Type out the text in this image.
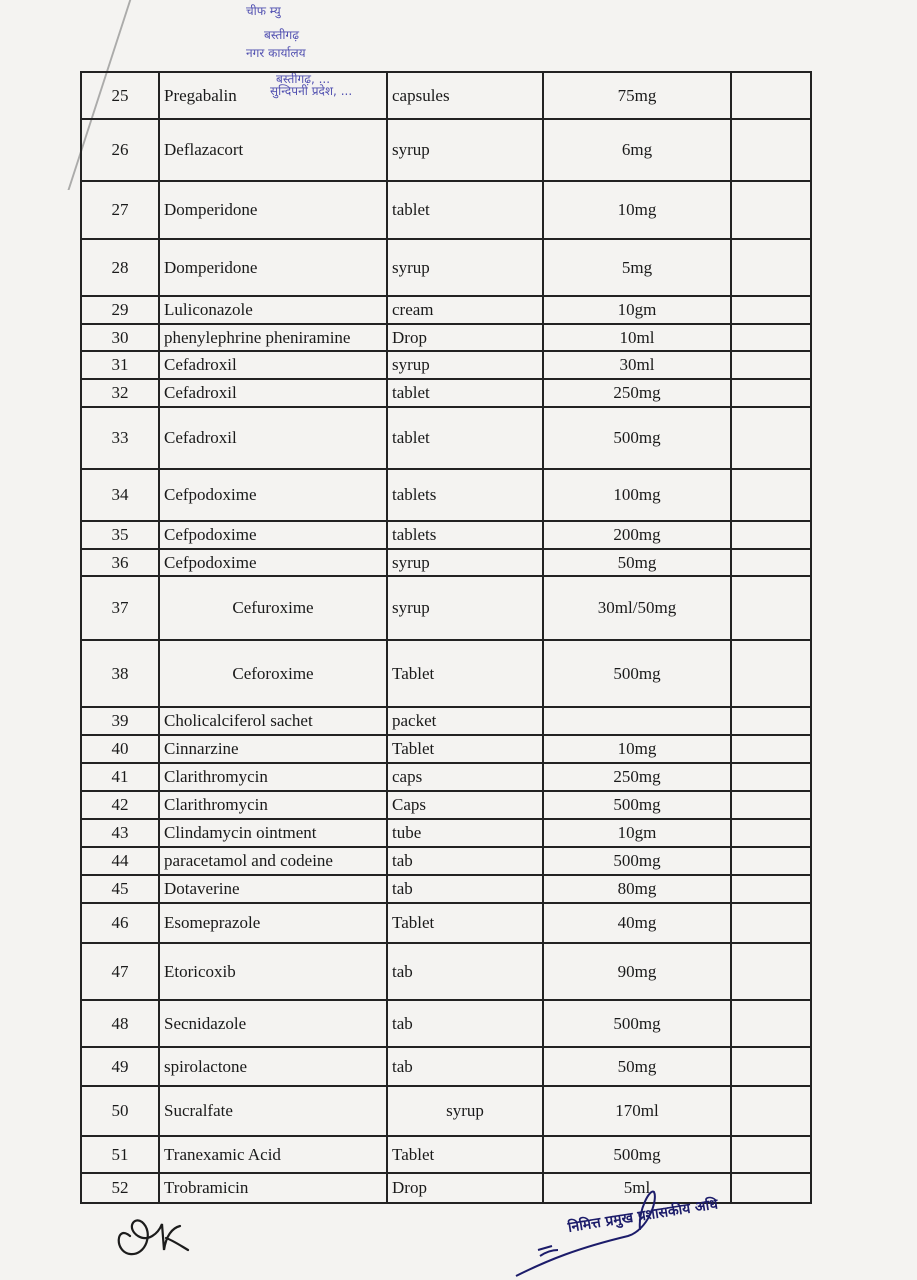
चीफ म्यु
बस्तीगढ़
नगर कार्यालय
बस्तीगढ़, ...
सुन्दिपनी प्रदेश, ...
25	Pregabalin	capsules	75mg	
26	Deflazacort	syrup	6mg	
27	Domperidone	tablet	10mg	
28	Domperidone	syrup	5mg	
29	Luliconazole	cream	10gm	
30	phenylephrine pheniramine	Drop	10ml	
31	Cefadroxil	syrup	30ml	
32	Cefadroxil	tablet	250mg	
33	Cefadroxil	tablet	500mg	
34	Cefpodoxime	tablets	100mg	
35	Cefpodoxime	tablets	200mg	
36	Cefpodoxime	syrup	50mg	
37	Cefuroxime	syrup	30ml/50mg	
38	Ceforoxime	Tablet	500mg	
39	Cholicalciferol sachet	packet		
40	Cinnarzine	Tablet	10mg	
41	Clarithromycin	caps	250mg	
42	Clarithromycin	Caps	500mg	
43	Clindamycin ointment	tube	10gm	
44	paracetamol and codeine	tab	500mg	
45	Dotaverine	tab	80mg	
46	Esomeprazole	Tablet	40mg	
47	Etoricoxib	tab	90mg	
48	Secnidazole	tab	500mg	
49	spirolactone	tab	50mg	
50	Sucralfate	syrup	170ml	
51	Tranexamic Acid	Tablet	500mg	
52	Trobramicin	Drop	5ml	
निमित्त प्रमुख प्रशासकीय अधि
